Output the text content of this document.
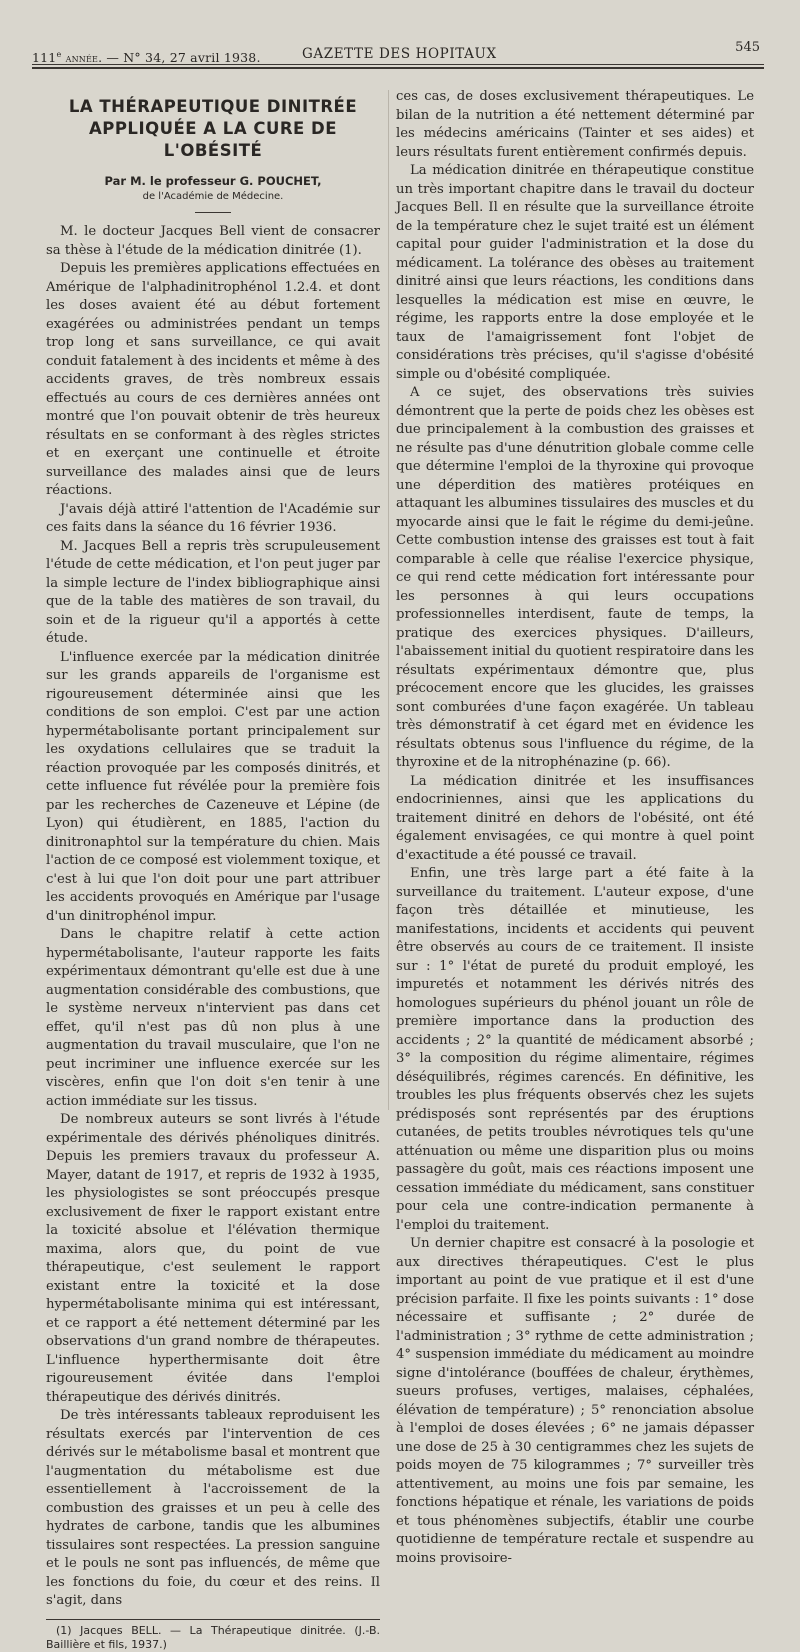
111e année. — N° 34, 27 avril 1938.	GAZETTE DES HOPITAUX	545
LA THÉRAPEUTIQUE DINITRÉE
APPLIQUÉE A LA CURE DE L'OBÉSITÉ
Par M. le professeur G. POUCHET,
de l'Académie de Médecine.

M. le docteur Jacques Bell vient de consacrer sa thèse à l'étude de la médication dinitrée (1).

Depuis les premières applications effectuées en Amérique de l'alphadinitrophénol 1.2.4. et dont les doses avaient été au début fortement exagérées ou administrées pendant un temps trop long et sans surveillance, ce qui avait conduit fatalement à des incidents et même à des accidents graves, de très nombreux essais effectués au cours de ces dernières années ont montré que l'on pouvait obtenir de très heureux résultats en se conformant à des règles strictes et en exerçant une continuelle et étroite surveillance des malades ainsi que de leurs réactions.

J'avais déjà attiré l'attention de l'Académie sur ces faits dans la séance du 16 février 1936.

M. Jacques Bell a repris très scrupuleusement l'étude de cette médication, et l'on peut juger par la simple lecture de l'index bibliographique ainsi que de la table des matières de son travail, du soin et de la rigueur qu'il a apportés à cette étude.

L'influence exercée par la médication dinitrée sur les grands appareils de l'organisme est rigoureusement déterminée ainsi que les conditions de son emploi. C'est par une action hypermétabolisante portant principalement sur les oxydations cellulaires que se traduit la réaction provoquée par les composés dinitrés, et cette influence fut révélée pour la première fois par les recherches de Cazeneuve et Lépine (de Lyon) qui étudièrent, en 1885, l'action du dinitronaphtol sur la température du chien. Mais l'action de ce composé est violemment toxique, et c'est à lui que l'on doit pour une part attribuer les accidents provoqués en Amérique par l'usage d'un dinitrophénol impur.

Dans le chapitre relatif à cette action hypermétabolisante, l'auteur rapporte les faits expérimentaux démontrant qu'elle est due à une augmentation considérable des combustions, que le système nerveux n'intervient pas dans cet effet, qu'il n'est pas dû non plus à une augmentation du travail musculaire, que l'on ne peut incriminer une influence exercée sur les viscères, enfin que l'on doit s'en tenir à une action immédiate sur les tissus.

De nombreux auteurs se sont livrés à l'étude expérimentale des dérivés phénoliques dinitrés. Depuis les premiers travaux du professeur A. Mayer, datant de 1917, et repris de 1932 à 1935, les physiologistes se sont préoccupés presque exclusivement de fixer le rapport existant entre la toxicité absolue et l'élévation thermique maxima, alors que, du point de vue thérapeutique, c'est seulement le rapport existant entre la toxicité et la dose hypermétabolisante minima qui est intéressant, et ce rapport a été nettement déterminé par les observations d'un grand nombre de thérapeutes. L'influence hyperthermisante doit être rigoureusement évitée dans l'emploi thérapeutique des dérivés dinitrés.

De très intéressants tableaux reproduisent les résultats exercés par l'intervention de ces dérivés sur le métabolisme basal et montrent que l'augmentation du métabolisme est due essentiellement à l'accroissement de la combustion des graisses et un peu à celle des hydrates de carbone, tandis que les albumines tissulaires sont respectées. La pression sanguine et le pouls ne sont pas influencés, de même que les fonctions du foie, du cœur et des reins. Il s'agit, dans

(1) Jacques BELL. — La Thérapeutique dinitrée. (J.-B. Baillière et fils, 1937.)

ces cas, de doses exclusivement thérapeutiques. Le bilan de la nutrition a été nettement déterminé par les médecins américains (Tainter et ses aides) et leurs résultats furent entièrement confirmés depuis.

La médication dinitrée en thérapeutique constitue un très important chapitre dans le travail du docteur Jacques Bell. Il en résulte que la surveillance étroite de la température chez le sujet traité est un élément capital pour guider l'administration et la dose du médicament. La tolérance des obèses au traitement dinitré ainsi que leurs réactions, les conditions dans lesquelles la médication est mise en œuvre, le régime, les rapports entre la dose employée et le taux de l'amaigrissement font l'objet de considérations très précises, qu'il s'agisse d'obésité simple ou d'obésité compliquée.

A ce sujet, des observations très suivies démontrent que la perte de poids chez les obèses est due principalement à la combustion des graisses et ne résulte pas d'une dénutrition globale comme celle que détermine l'emploi de la thyroxine qui provoque une déperdition des matières protéiques en attaquant les albumines tissulaires des muscles et du myocarde ainsi que le fait le régime du demi-jeûne. Cette combustion intense des graisses est tout à fait comparable à celle que réalise l'exercice physique, ce qui rend cette médication fort intéressante pour les personnes à qui leurs occupations professionnelles interdisent, faute de temps, la pratique des exercices physiques. D'ailleurs, l'abaissement initial du quotient respiratoire dans les résultats expérimentaux démontre que, plus précocement encore que les glucides, les graisses sont comburées d'une façon exagérée. Un tableau très démonstratif à cet égard met en évidence les résultats obtenus sous l'influence du régime, de la thyroxine et de la nitrophénazine (p. 66).

La médication dinitrée et les insuffisances endocriniennes, ainsi que les applications du traitement dinitré en dehors de l'obésité, ont été également envisagées, ce qui montre à quel point d'exactitude a été poussé ce travail.

Enfin, une très large part a été faite à la surveillance du traitement. L'auteur expose, d'une façon très détaillée et minutieuse, les manifestations, incidents et accidents qui peuvent être observés au cours de ce traitement. Il insiste sur : 1° l'état de pureté du produit employé, les impuretés et notamment les dérivés nitrés des homologues supérieurs du phénol jouant un rôle de première importance dans la production des accidents ; 2° la quantité de médicament absorbé ; 3° la composition du régime alimentaire, régimes déséquilibrés, régimes carencés. En définitive, les troubles les plus fréquents observés chez les sujets prédisposés sont représentés par des éruptions cutanées, de petits troubles névrotiques tels qu'une atténuation ou même une disparition plus ou moins passagère du goût, mais ces réactions imposent une cessation immédiate du médicament, sans constituer pour cela une contre-indication permanente à l'emploi du traitement.

Un dernier chapitre est consacré à la posologie et aux directives thérapeutiques. C'est le plus important au point de vue pratique et il est d'une précision parfaite. Il fixe les points suivants : 1° dose nécessaire et suffisante ; 2° durée de l'administration ; 3° rythme de cette administration ; 4° suspension immédiate du médicament au moindre signe d'intolérance (bouffées de chaleur, érythèmes, sueurs profuses, vertiges, malaises, céphalées, élévation de température) ; 5° renonciation absolue à l'emploi de doses élevées ; 6° ne jamais dépasser une dose de 25 à 30 centigrammes chez les sujets de poids moyen de 75 kilogrammes ; 7° surveiller très attentivement, au moins une fois par semaine, les fonctions hépatique et rénale, les variations de poids et tous phénomènes subjectifs, établir une courbe quotidienne de température rectale et suspendre au moins provisoire-
